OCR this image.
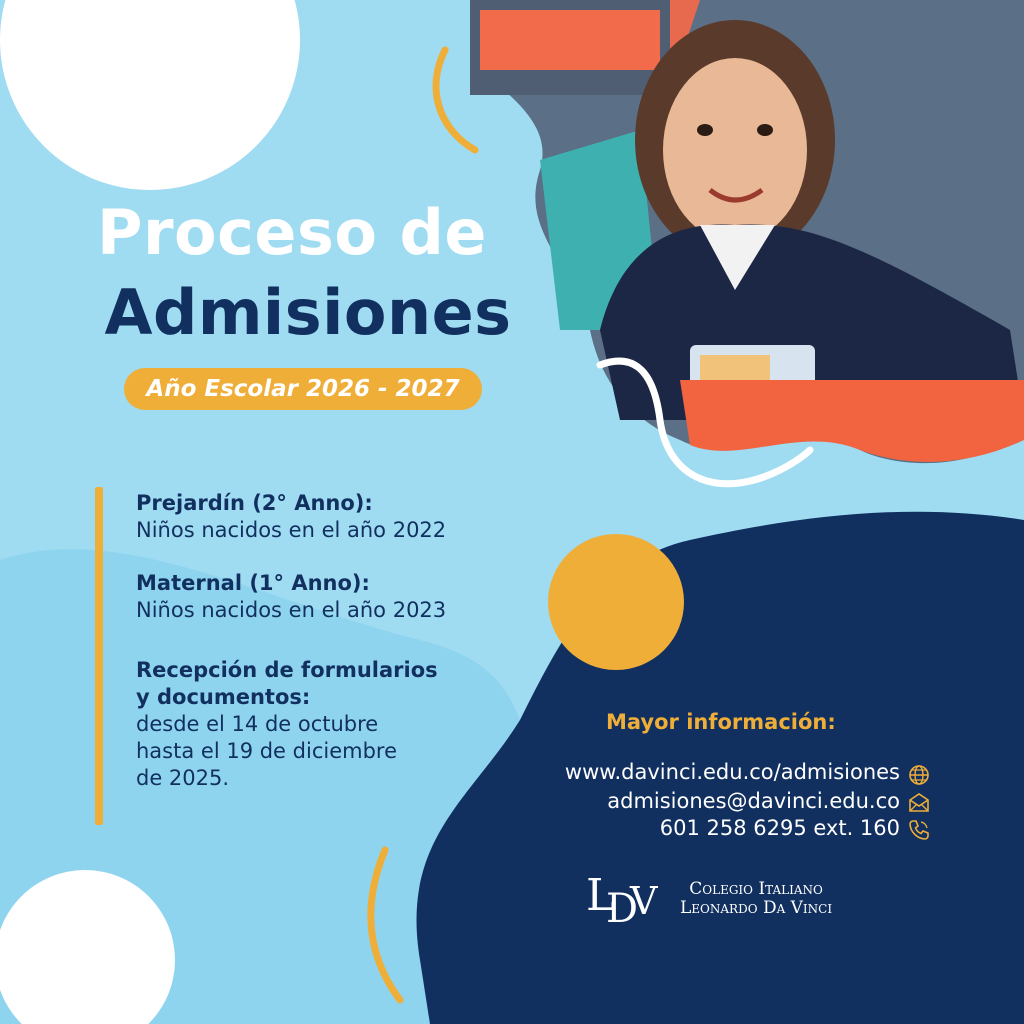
Proceso de
Admisiones
Año Escolar 2026 - 2027
Prejardín (2° Anno):
Niños nacidos en el año 2022
Maternal (1° Anno):
Niños nacidos en el año 2023
Recepción de formularios
y documentos:
desde el 14 de octubre
hasta el 19 de diciembre
de 2025.
Mayor información:
www.davinci.edu.co/admisiones
admisiones@davinci.edu.co
601 258 6295 ext. 160
L
D
V	Colegio Italiano
Leonardo Da Vinci
